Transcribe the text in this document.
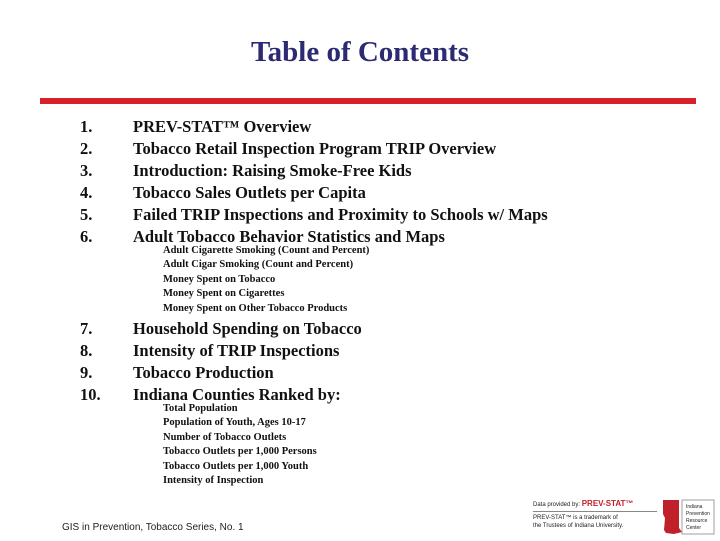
Table of Contents
1.	PREV-STAT™ Overview
2.	Tobacco Retail Inspection Program TRIP Overview
3.	Introduction: Raising Smoke-Free Kids
4.	Tobacco Sales Outlets per Capita
5.	Failed TRIP Inspections and Proximity to Schools w/ Maps
6.	Adult Tobacco Behavior Statistics and Maps
Adult Cigarette Smoking (Count and Percent)
Adult Cigar Smoking (Count and Percent)
Money Spent on Tobacco
Money Spent on Cigarettes
Money Spent on Other Tobacco Products
7.	Household Spending on Tobacco
8.	Intensity of TRIP Inspections
9.	Tobacco Production
10.	Indiana Counties Ranked by:
Total Population
Population of Youth, Ages 10-17
Number of Tobacco Outlets
Tobacco Outlets per 1,000 Persons
Tobacco Outlets per 1,000 Youth
Intensity of Inspection
GIS in Prevention, Tobacco Series, No. 1
Data provided by: PREV-STAT™
PREV-STAT™ is a trademark of
the Trustees of Indiana University.
Indiana
Prevention
Resource
Center
